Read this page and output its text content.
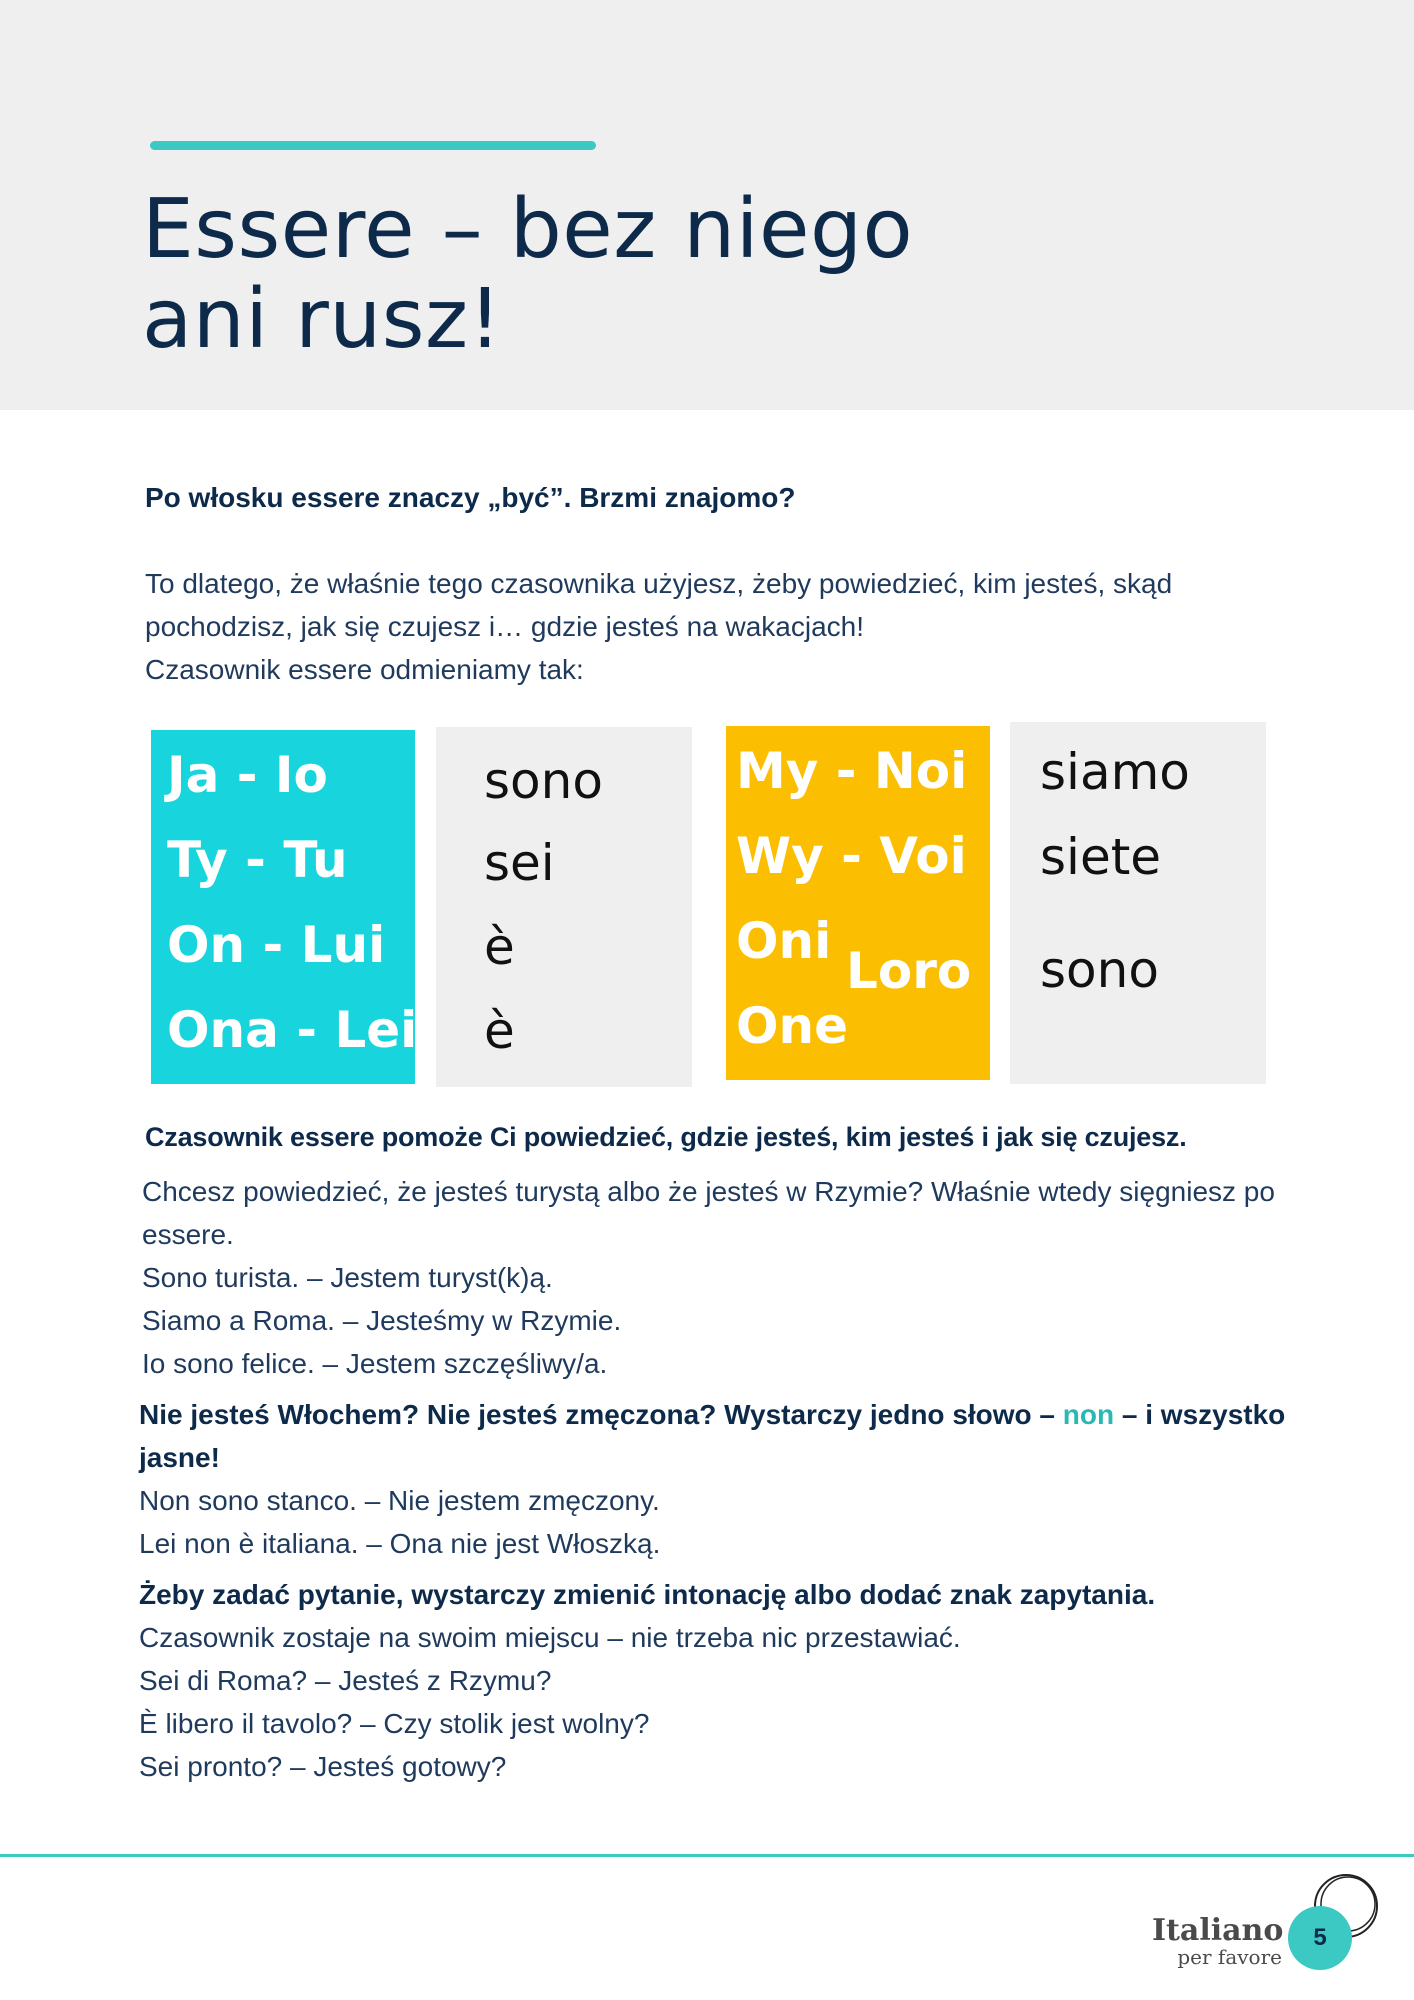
Essere – bez niego
ani rusz!

Po włosku essere znaczy „być”. Brzmi znajomo?

To dlatego, że właśnie tego czasownika użyjesz, żeby powiedzieć, kim jesteś, skąd

pochodzisz, jak się czujesz i… gdzie jesteś na wakacjach!

Czasownik essere odmieniamy tak:

Ja - Io
Ty - Tu
On - Lui
Ona - Lei
sono
sei
è
è
My - Noi
Wy - Voi
Oni
Loro
One
siamo
siete
sono

Czasownik essere pomoże Ci powiedzieć, gdzie jesteś, kim jesteś i jak się czujesz.

Chcesz powiedzieć, że jesteś turystą albo że jesteś w Rzymie? Właśnie wtedy sięgniesz po

essere.

Sono turista. – Jestem turyst(k)ą.

Siamo a Roma. – Jesteśmy w Rzymie.

Io sono felice. – Jestem szczęśliwy/a.

Nie jesteś Włochem? Nie jesteś zmęczona? Wystarczy jedno słowo – non – i wszystko

jasne!

Non sono stanco. – Nie jestem zmęczony.

Lei non è italiana. – Ona nie jest Włoszką.

Żeby zadać pytanie, wystarczy zmienić intonację albo dodać znak zapytania.

Czasownik zostaje na swoim miejscu – nie trzeba nic przestawiać.

Sei di Roma? – Jesteś z Rzymu?

È libero il tavolo? – Czy stolik jest wolny?

Sei pronto? – Jesteś gotowy?

Italiano
per favore
5
